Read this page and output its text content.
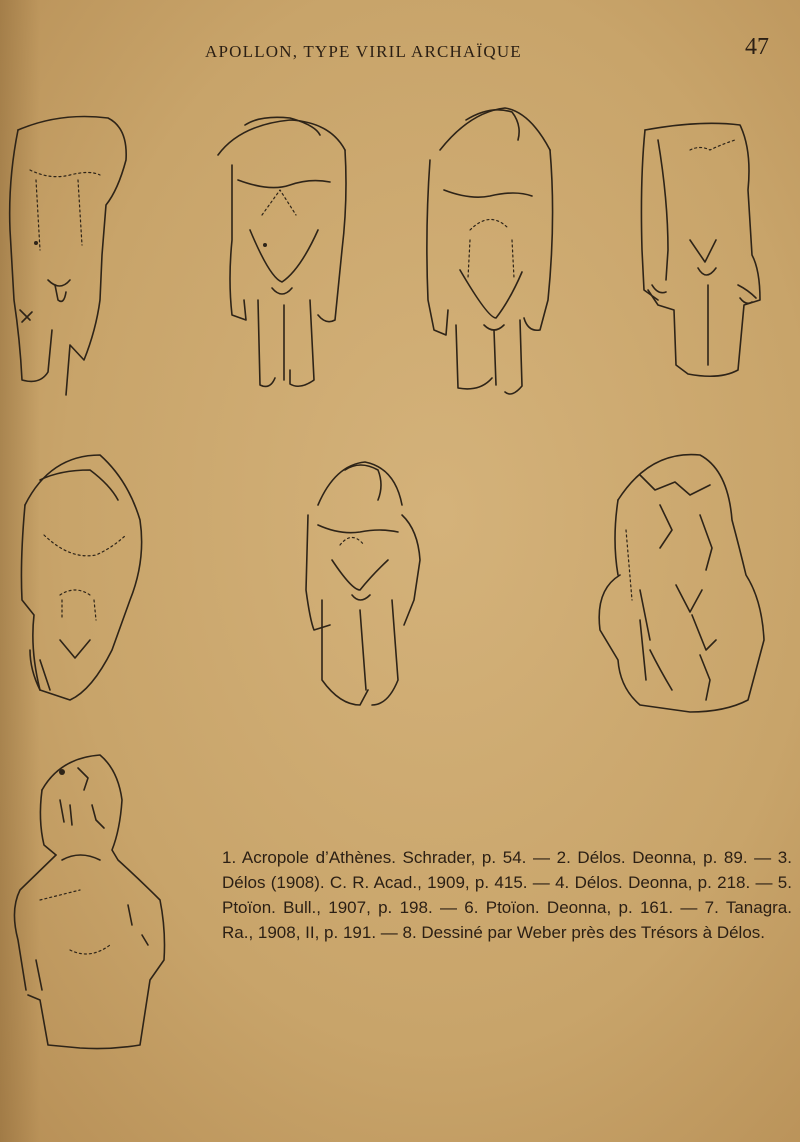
APOLLON, TYPE VIRIL ARCHAÏQUE	47
1. Acropole d’Athènes. Schrader, p. 54. — 2. Délos. Deonna, p. 89. — 3. Délos (1908). C. R. Acad., 1909, p. 415. — 4. Délos. Deonna, p. 218. — 5. Ptoïon. Bull., 1907, p. 198. — 6. Ptoïon. Deonna, p. 161. — 7. Tanagra. Ra., 1908, II, p. 191. — 8. Dessiné par Weber près des Trésors à Délos.
